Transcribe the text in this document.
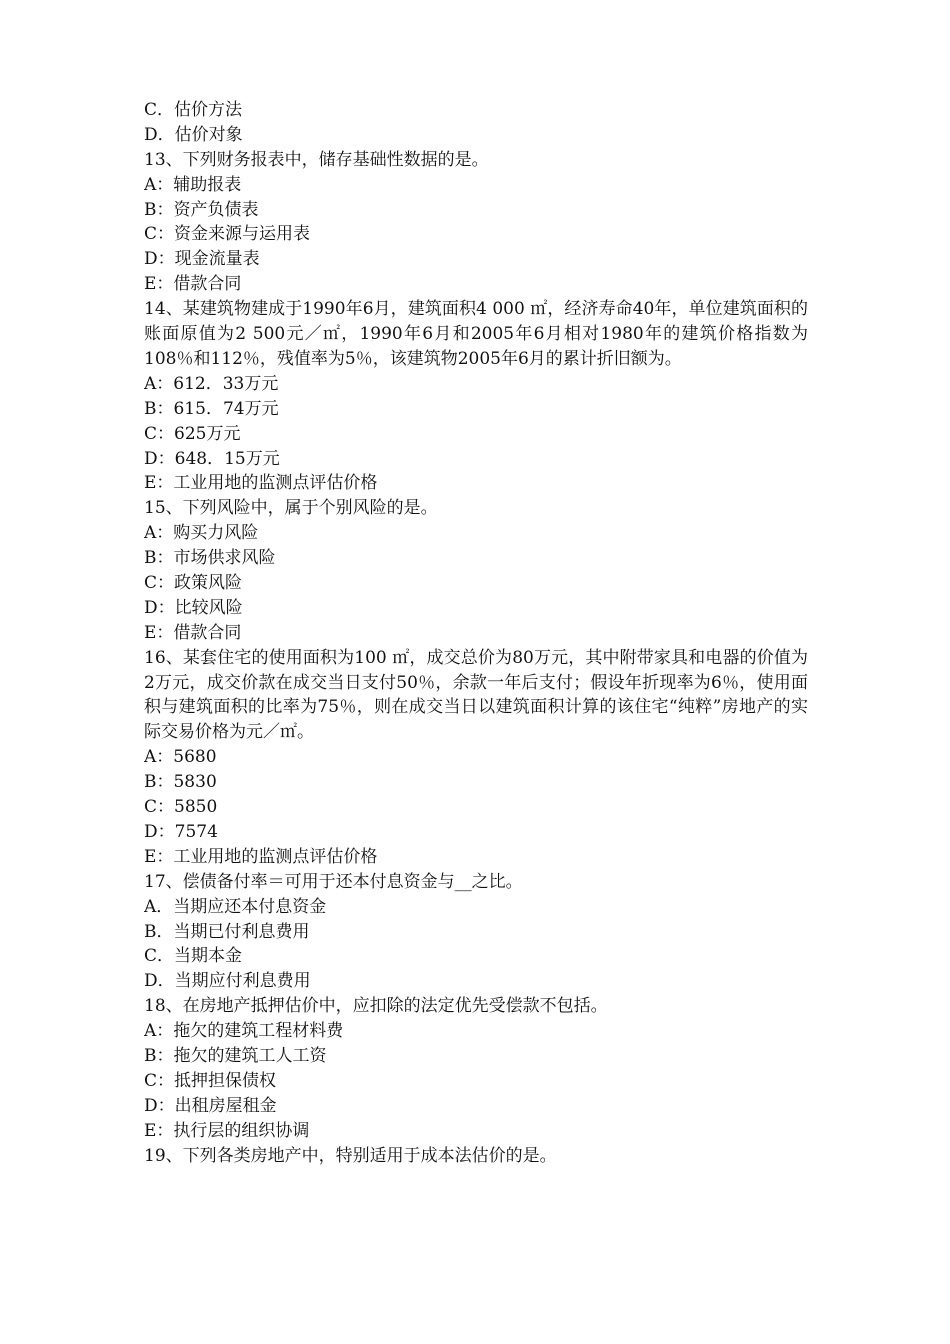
C．估价方法
D．估价对象
13、下列财务报表中，储存基础性数据的是。
A：辅助报表
B：资产负债表
C：资金来源与运用表
D：现金流量表
E：借款合同
14、某建筑物建成于1990年6月，建筑面积4 000 ㎡，经济寿命40年，单位建筑面积的账面原值为2 500元／㎡，1990年6月和2005年6月相对1980年的建筑价格指数为108％和112％，残值率为5％，该建筑物2005年6月的累计折旧额为。
A：612．33万元
B：615．74万元
C：625万元
D：648．15万元
E：工业用地的监测点评估价格
15、下列风险中，属于个别风险的是。
A：购买力风险
B：市场供求风险
C：政策风险
D：比较风险
E：借款合同
16、某套住宅的使用面积为100 ㎡，成交总价为80万元，其中附带家具和电器的价值为2万元，成交价款在成交当日支付50％，余款一年后支付；假设年折现率为6％，使用面积与建筑面积的比率为75％，则在成交当日以建筑面积计算的该住宅“纯粹”房地产的实际交易价格为元／㎡。
A：5680
B：5830
C：5850
D：7574
E：工业用地的监测点评估价格
17、偿债备付率＝可用于还本付息资金与__之比。
A．当期应还本付息资金
B．当期已付利息费用
C．当期本金
D．当期应付利息费用
18、在房地产抵押估价中，应扣除的法定优先受偿款不包括。
A：拖欠的建筑工程材料费
B：拖欠的建筑工人工资
C：抵押担保债权
D：出租房屋租金
E：执行层的组织协调
19、下列各类房地产中，特别适用于成本法估价的是。
